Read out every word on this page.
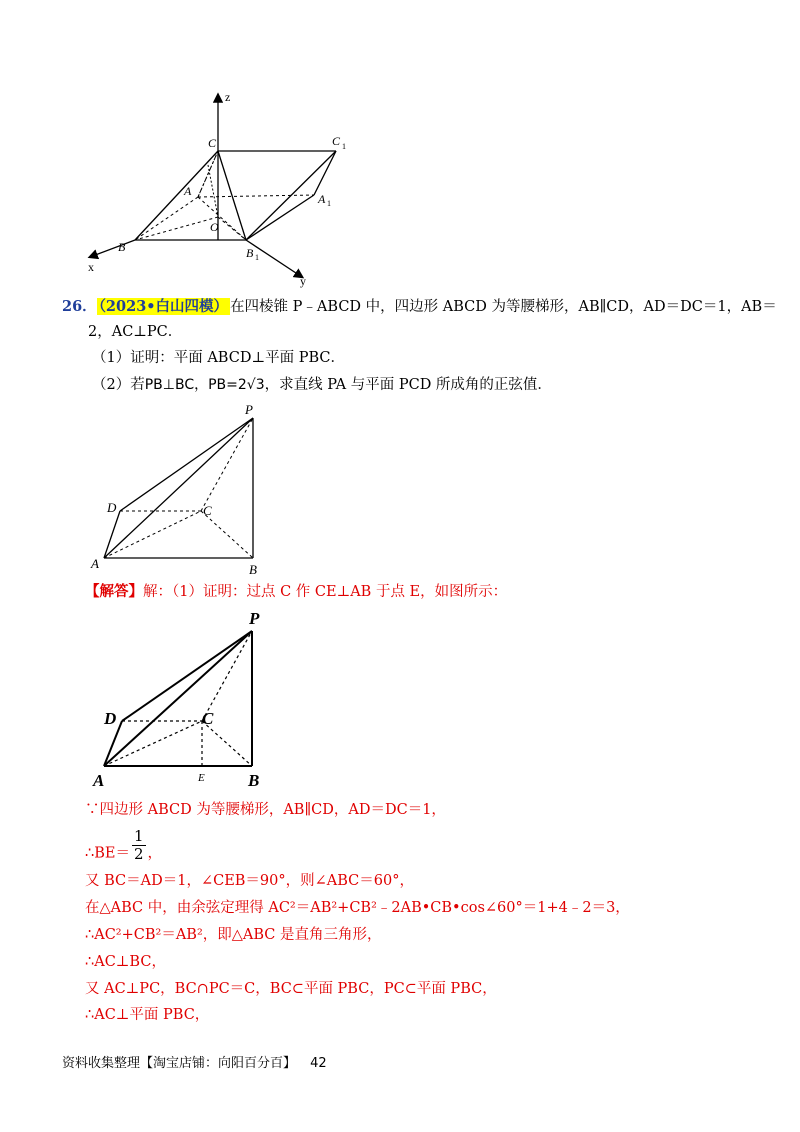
z
C	C 1
A
A 1
O
B	B 1
x
y
26． （2023•白山四模） 在四棱锥 P﹣ABCD 中，四边形 ABCD 为等腰梯形，AB∥CD，AD＝DC＝1，AB＝
2，AC⊥PC．
（1）证明：平面 ABCD⊥平面 PBC．
（2）若PB⊥BC，PB=2√3，求直线 PA 与平面 PCD 所成角的正弦值．
P
D	C
A	B
【解答】解：（1）证明：过点 C 作 CE⊥AB 于点 E，如图所示：
P
D	C
A	E	B
∵四边形 ABCD 为等腰梯形，AB∥CD，AD＝DC＝1，
∴BE＝ $\frac{1}{2}$ ，
又 BC＝AD＝1，∠CEB＝90°，则∠ABC＝60°，
在△ABC 中，由余弦定理得 AC²＝AB²+CB²﹣2AB•CB•cos∠60°＝1+4﹣2＝3，
∴AC²+CB²＝AB²，即△ABC 是直角三角形，
∴AC⊥BC，
又 AC⊥PC，BC∩PC＝C，BC⊂平面 PBC，PC⊂平面 PBC，
∴AC⊥平面 PBC，
资料收集整理【淘宝店铺：向阳百分百】 42
